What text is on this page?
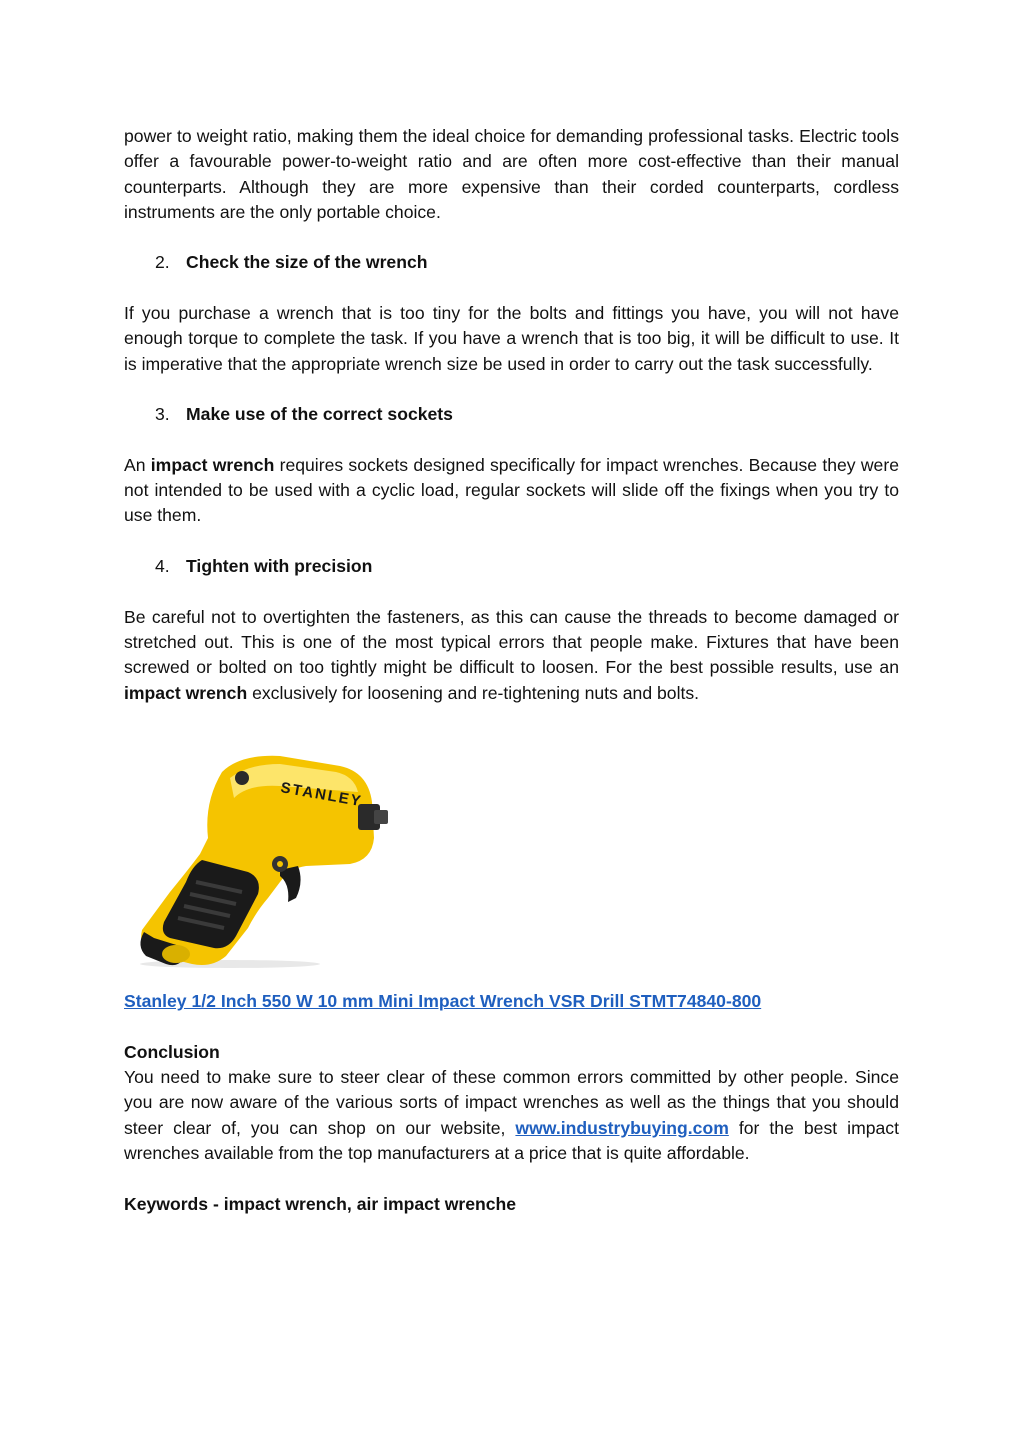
power to weight ratio, making them the ideal choice for demanding professional tasks. Electric tools offer a favourable power-to-weight ratio and are often more cost-effective than their manual counterparts. Although they are more expensive than their corded counterparts, cordless instruments are the only portable choice.

2. Check the size of the wrench

If you purchase a wrench that is too tiny for the bolts and fittings you have, you will not have enough torque to complete the task. If you have a wrench that is too big, it will be difficult to use. It is imperative that the appropriate wrench size be used in order to carry out the task successfully.

3. Make use of the correct sockets

An impact wrench requires sockets designed specifically for impact wrenches. Because they were not intended to be used with a cyclic load, regular sockets will slide off the fixings when you try to use them.

4. Tighten with precision

Be careful not to overtighten the fasteners, as this can cause the threads to become damaged or stretched out. This is one of the most typical errors that people make. Fixtures that have been screwed or bolted on too tightly might be difficult to loosen. For the best possible results, use an impact wrench exclusively for loosening and re-tightening nuts and bolts.

STANLEY

Stanley 1/2 Inch 550 W 10 mm Mini Impact Wrench VSR Drill STMT74840-800

Conclusion

You need to make sure to steer clear of these common errors committed by other people. Since you are now aware of the various sorts of impact wrenches as well as the things that you should steer clear of, you can shop on our website, www.industrybuying.com for the best impact wrenches available from the top manufacturers at a price that is quite affordable.

Keywords - impact wrench, air impact wrenche
